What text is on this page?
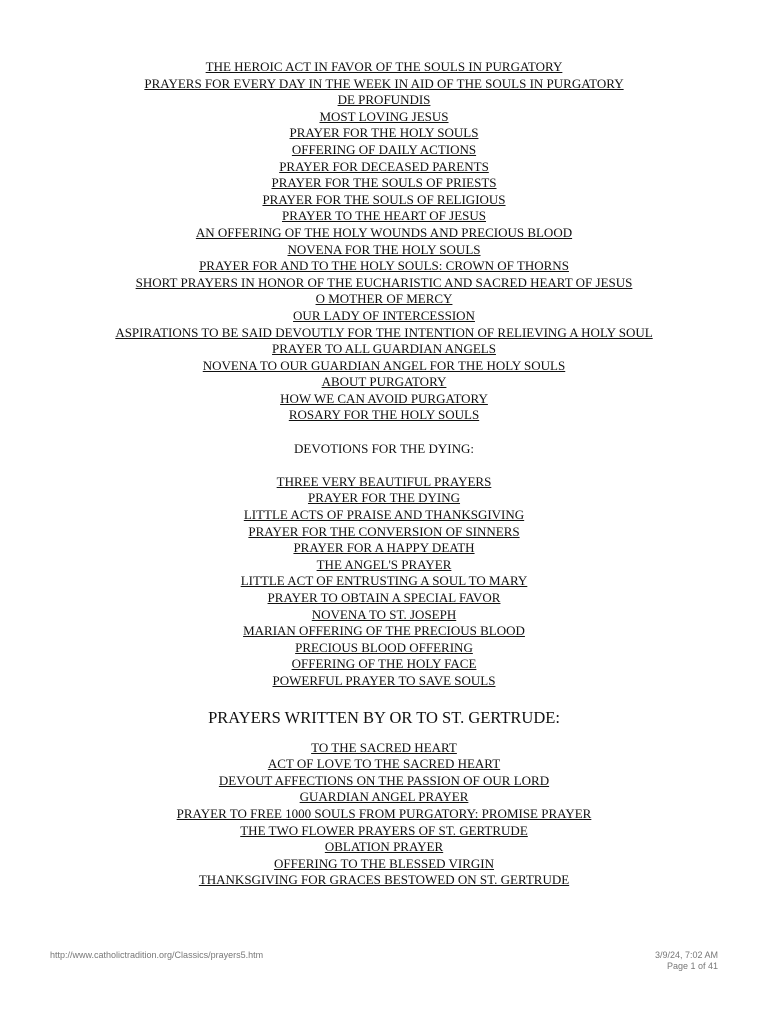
THE HEROIC ACT IN FAVOR OF THE SOULS IN PURGATORY
PRAYERS FOR EVERY DAY IN THE WEEK IN AID OF THE SOULS IN PURGATORY
DE PROFUNDIS
MOST LOVING JESUS
PRAYER FOR THE HOLY SOULS
OFFERING OF DAILY ACTIONS
PRAYER FOR DECEASED PARENTS
PRAYER FOR THE SOULS OF PRIESTS
PRAYER FOR THE SOULS OF RELIGIOUS
PRAYER TO THE HEART OF JESUS
AN OFFERING OF THE HOLY WOUNDS AND PRECIOUS BLOOD
NOVENA FOR THE HOLY SOULS
PRAYER FOR AND TO THE HOLY SOULS: CROWN OF THORNS
SHORT PRAYERS IN HONOR OF THE EUCHARISTIC AND SACRED HEART OF JESUS
O MOTHER OF MERCY
OUR LADY OF INTERCESSION
ASPIRATIONS TO BE SAID DEVOUTLY FOR THE INTENTION OF RELIEVING A HOLY SOUL
PRAYER TO ALL GUARDIAN ANGELS
NOVENA TO OUR GUARDIAN ANGEL FOR THE HOLY SOULS
ABOUT PURGATORY
HOW WE CAN AVOID PURGATORY
ROSARY FOR THE HOLY SOULS
DEVOTIONS FOR THE DYING:
THREE VERY BEAUTIFUL PRAYERS
PRAYER FOR THE DYING
LITTLE ACTS OF PRAISE AND THANKSGIVING
PRAYER FOR THE CONVERSION OF SINNERS
PRAYER FOR A HAPPY DEATH
THE ANGEL'S PRAYER
LITTLE ACT OF ENTRUSTING A SOUL TO MARY
PRAYER TO OBTAIN A SPECIAL FAVOR
NOVENA TO ST. JOSEPH
MARIAN OFFERING OF THE PRECIOUS BLOOD
PRECIOUS BLOOD OFFERING
OFFERING OF THE HOLY FACE
POWERFUL PRAYER TO SAVE SOULS
PRAYERS WRITTEN BY OR TO ST. GERTRUDE:
TO THE SACRED HEART
ACT OF LOVE TO THE SACRED HEART
DEVOUT AFFECTIONS ON THE PASSION OF OUR LORD
GUARDIAN ANGEL PRAYER
PRAYER TO FREE 1000 SOULS FROM PURGATORY: PROMISE PRAYER
THE TWO FLOWER PRAYERS OF ST. GERTRUDE
OBLATION PRAYER
OFFERING TO THE BLESSED VIRGIN
THANKSGIVING FOR GRACES BESTOWED ON ST. GERTRUDE
http://www.catholictradition.org/Classics/prayers5.htm	3/9/24, 7:02 AM
Page 1 of 41
